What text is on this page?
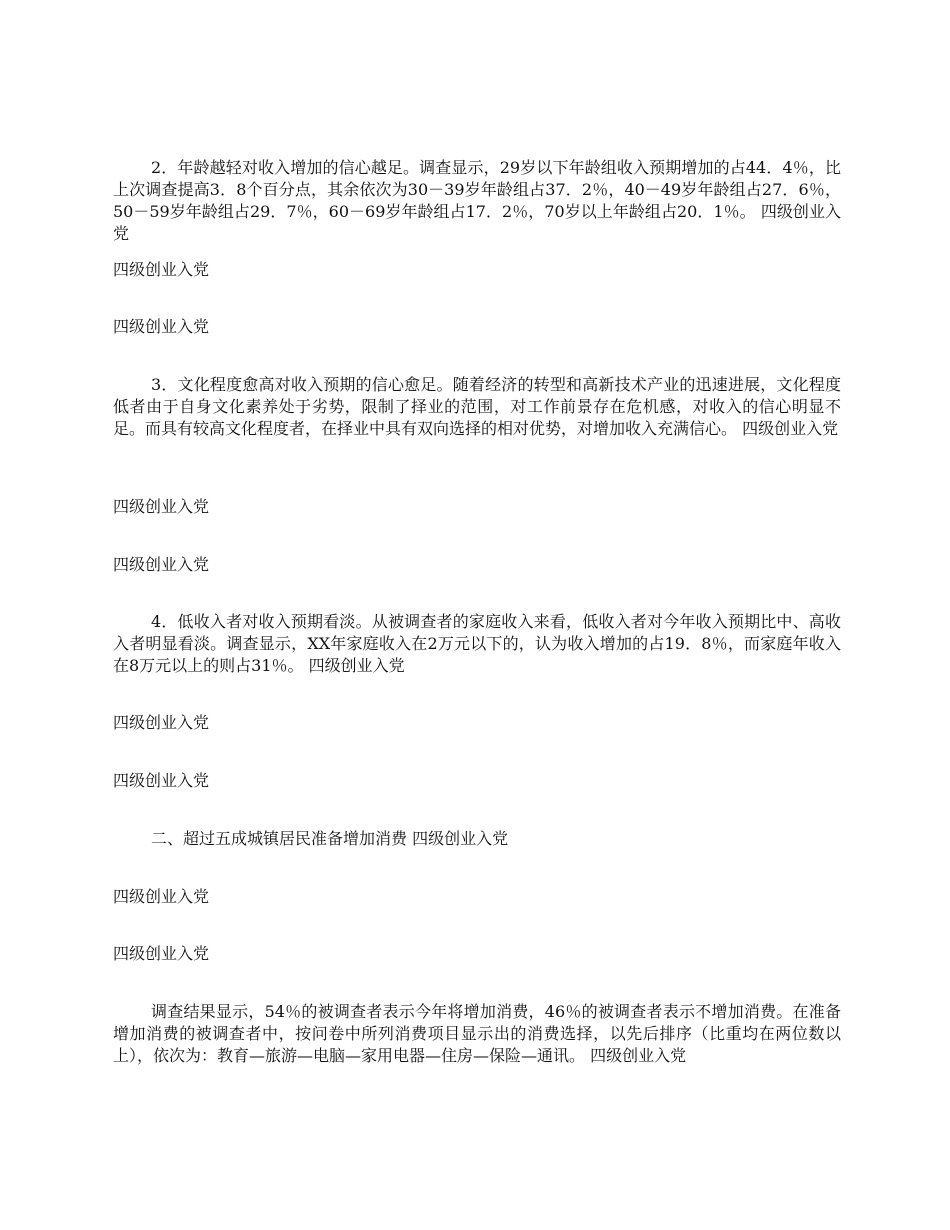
2．年龄越轻对收入增加的信心越足。调查显示，29岁以下年龄组收入预期增加的占44．4％，比上次调查提高3．8个百分点，其余依次为30－39岁年龄组占37．2％，40－49岁年龄组占27．6％，50－59岁年龄组占29．7％，60－69岁年龄组占17．2％，70岁以上年龄组占20．1％。 四级创业入党

四级创业入党

四级创业入党

3．文化程度愈高对收入预期的信心愈足。随着经济的转型和高新技术产业的迅速进展，文化程度低者由于自身文化素养处于劣势，限制了择业的范围，对工作前景存在危机感，对收入的信心明显不足。而具有较高文化程度者，在择业中具有双向选择的相对优势，对增加收入充满信心。 四级创业入党

四级创业入党

四级创业入党

4．低收入者对收入预期看淡。从被调查者的家庭收入来看，低收入者对今年收入预期比中、高收入者明显看淡。调查显示，XX年家庭收入在2万元以下的，认为收入增加的占19．8％，而家庭年收入在8万元以上的则占31％。 四级创业入党

四级创业入党

四级创业入党

二、超过五成城镇居民准备增加消费 四级创业入党

四级创业入党

四级创业入党

调查结果显示，54％的被调查者表示今年将增加消费，46％的被调查者表示不增加消费。在准备增加消费的被调查者中，按问卷中所列消费项目显示出的消费选择，以先后排序（比重均在两位数以上），依次为：教育—旅游—电脑—家用电器—住房—保险—通讯。 四级创业入党
